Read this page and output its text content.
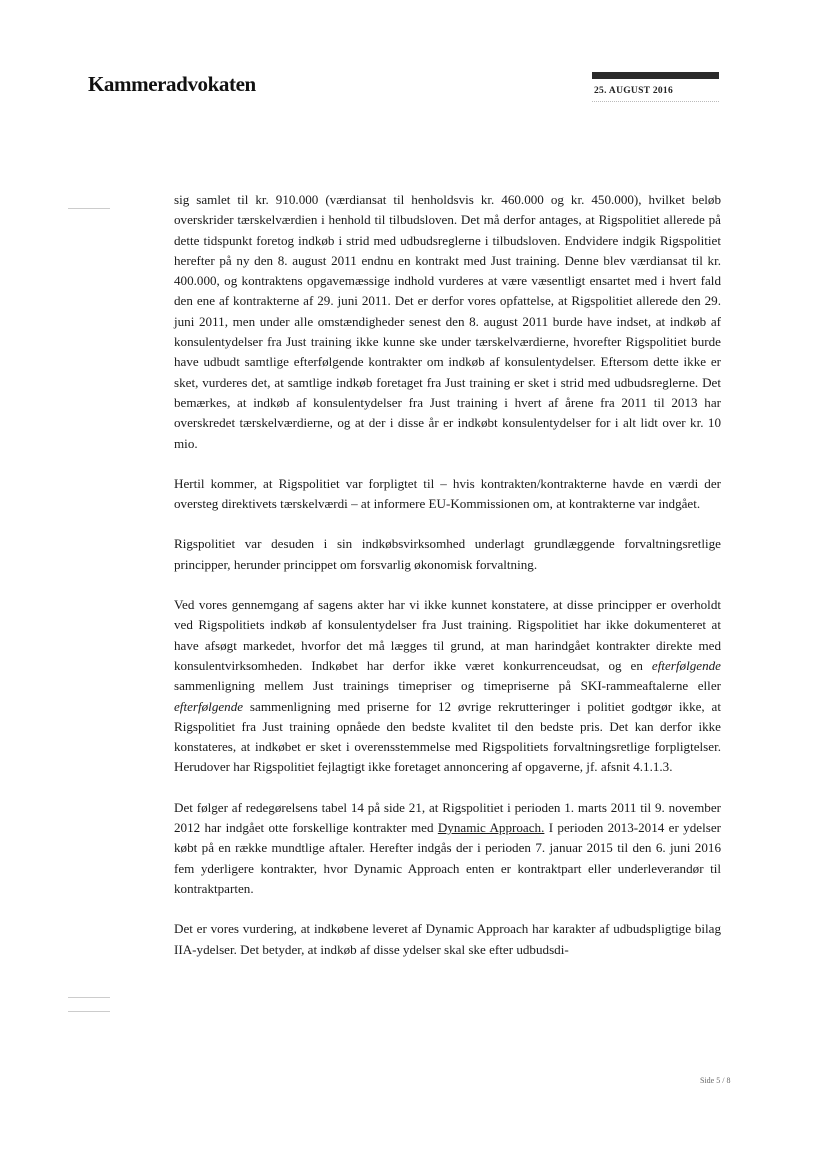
Kammeradvokaten	25. AUGUST 2016

sig samlet til kr. 910.000 (værdiansat til henholdsvis kr. 460.000 og kr. 450.000), hvilket beløb overskrider tærskelværdien i henhold til tilbudsloven. Det må derfor antages, at Rigspolitiet allerede på dette tidspunkt foretog indkøb i strid med udbudsreglerne i tilbudsloven. Endvidere indgik Rigspolitiet herefter på ny den 8. august 2011 endnu en kontrakt med Just training. Denne blev værdiansat til kr. 400.000, og kontraktens opgavemæssige indhold vurderes at være væsentligt ensartet med i hvert fald den ene af kontrakterne af 29. juni 2011. Det er derfor vores opfattelse, at Rigspolitiet allerede den 29. juni 2011, men under alle omstændigheder senest den 8. august 2011 burde have indset, at indkøb af konsulentydelser fra Just training ikke kunne ske under tærskelværdierne, hvorefter Rigspolitiet burde have udbudt samtlige efterfølgende kontrakter om indkøb af konsulentydelser. Eftersom dette ikke er sket, vurderes det, at samtlige indkøb foretaget fra Just training er sket i strid med udbudsreglerne. Det bemærkes, at indkøb af konsulentydelser fra Just training i hvert af årene fra 2011 til 2013 har overskredet tærskelværdierne, og at der i disse år er indkøbt konsulentydelser for i alt lidt over kr. 10 mio.

Hertil kommer, at Rigspolitiet var forpligtet til – hvis kontrakten/kontrakterne havde en værdi der oversteg direktivets tærskelværdi – at informere EU-Kommissionen om, at kontrakterne var indgået.

Rigspolitiet var desuden i sin indkøbsvirksomhed underlagt grundlæggende forvaltningsretlige principper, herunder princippet om forsvarlig økonomisk forvaltning.

Ved vores gennemgang af sagens akter har vi ikke kunnet konstatere, at disse principper er overholdt ved Rigspolitiets indkøb af konsulentydelser fra Just training. Rigspolitiet har ikke dokumenteret at have afsøgt markedet, hvorfor det må lægges til grund, at man harindgået kontrakter direkte med konsulentvirksomheden. Indkøbet har derfor ikke været konkurrenceudsat, og en efterfølgende sammenligning mellem Just trainings timepriser og timepriserne på SKI-rammeaftalerne eller efterfølgende sammenligning med priserne for 12 øvrige rekrutteringer i politiet godtgør ikke, at Rigspolitiet fra Just training opnåede den bedste kvalitet til den bedste pris. Det kan derfor ikke konstateres, at indkøbet er sket i overensstemmelse med Rigspolitiets forvaltningsretlige forpligtelser. Herudover har Rigspolitiet fejlagtigt ikke foretaget annoncering af opgaverne, jf. afsnit 4.1.1.3.

Det følger af redegørelsens tabel 14 på side 21, at Rigspolitiet i perioden 1. marts 2011 til 9. november 2012 har indgået otte forskellige kontrakter med Dynamic Approach. I perioden 2013-2014 er ydelser købt på en række mundtlige aftaler. Herefter indgås der i perioden 7. januar 2015 til den 6. juni 2016 fem yderligere kontrakter, hvor Dynamic Approach enten er kontraktpart eller underleverandør til kontraktparten.

Det er vores vurdering, at indkøbene leveret af Dynamic Approach har karakter af udbudspligtige bilag IIA-ydelser. Det betyder, at indkøb af disse ydelser skal ske efter udbudsdi-

Side 5 / 8
